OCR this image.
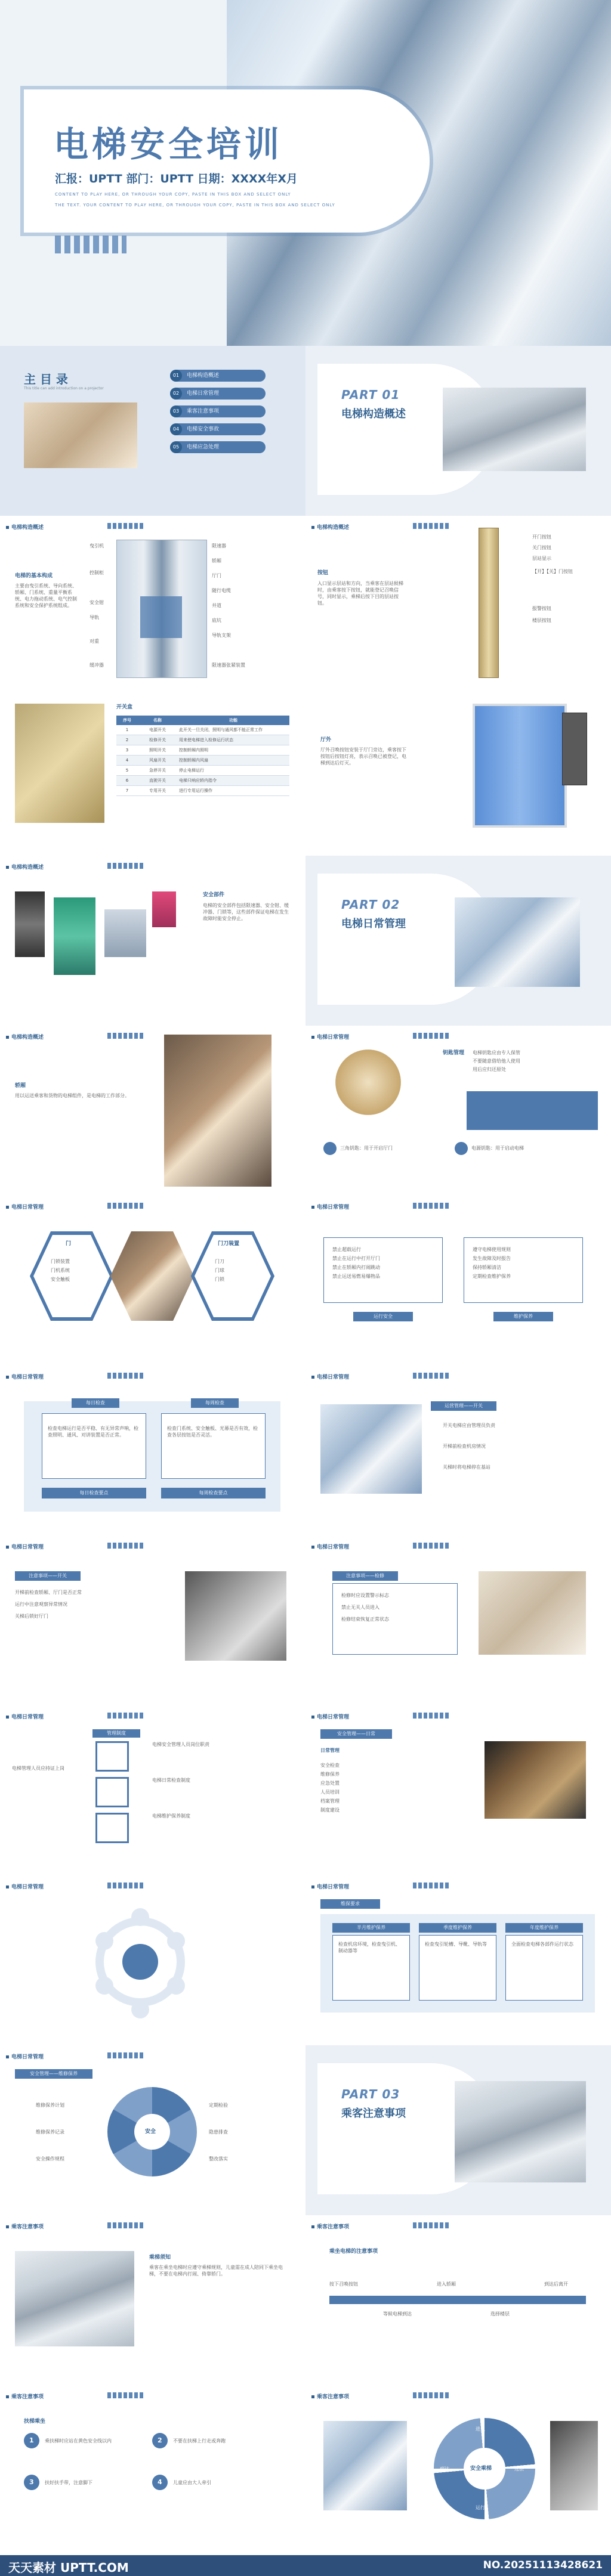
电梯安全培训
汇报：UPTT 部门：UPTT 日期：XXXX年X月
CONTENT TO PLAY HERE, OR THROUGH YOUR COPY, PASTE IN THIS BOX AND SELECT ONLY
THE TEXT. YOUR CONTENT TO PLAY HERE, OR THROUGH YOUR COPY, PASTE IN THIS BOX AND SELECT ONLY
主 目 录
This title can add introduction on a projector
01	电梯构造概述
02	电梯日常管理
03	乘客注意事项
04	电梯安全事故
05	电梯应急处理
PART 01
电梯构造概述
电梯构造概述
电梯的基本构成
主要由曳引系统、导向系统、轿厢、门系统、重量平衡系统、电力拖动系统、电气控制系统和安全保护系统组成。
曳引机
控制柜
安全钳
导轨
对重
缓冲器
限速器
轿厢
厅门
随行电缆
井道
底坑
导轨支架
限速器张紧装置
电梯构造概述
按钮
入口显示层站和方向，当乘客在层站候梯时，由乘客按下按钮，就能登记召唤信号，同时显示，乘梯后按下目的层站按钮。
开门按钮
关门按钮
层站显示
【开】【关】门按钮
报警按钮
楼层按钮
开关盒
序号	名称	功能
1	电源开关	此开关一旦关闭，照明与通风都不能正常工作
2	检修开关	用来使电梯进入检修运行状态
3	照明开关	控制轿厢内照明
4	风扇开关	控制轿厢内风扇
5	急停开关	停止电梯运行
6	直驶开关	电梯只响应轿内指令
7	专用开关	进行专用运行操作
厅外
厅外召唤按钮安装于厅门旁边，乘客按下按钮后按钮灯亮，表示召唤已被登记，电梯到达后灯灭。
电梯构造概述
安全部件
电梯的安全部件包括限速器、安全钳、缓冲器、门锁等，这些部件保证电梯在发生故障时能安全停止。
PART 02
电梯日常管理
电梯构造概述
轿厢
用以运送乘客和货物的电梯组件，是电梯的工作部分。
电梯日常管理
钥匙管理 电梯钥匙应由专人保管
不要随意借给他人使用
用后应归还原处
三角钥匙：用于开启厅门	电源钥匙：用于启动电梯
电梯日常管理
门
门锁装置
门机系统
安全触板
门刀装置
门刀
门球
门锁
电梯日常管理
禁止超载运行
禁止在运行中打开厅门
禁止在轿厢内打闹跳动
禁止运送易燃易爆物品
运行安全
遵守电梯使用规则
发生故障及时报告
保持轿厢清洁
定期检查维护保养
维护保养
电梯日常管理
每日检查
检查电梯运行是否平稳、有无异常声响，检查照明、通风、对讲装置是否正常。
每日检查要点
每周检查
检查门系统、安全触板、光幕是否有效，检查各层按钮是否灵活。
每周检查要点
电梯日常管理
运营管理——开关
开关电梯应由管理员负责
开梯前检查机房情况
关梯时将电梯停在基站
电梯日常管理
注意事项——开关
开梯前检查轿厢、厅门是否正常
运行中注意观察异常情况
关梯后锁好厅门
电梯日常管理
注意事项——检修
检修时应设置警示标志
禁止无关人员进入
检修结束恢复正常状态
电梯日常管理
管理制度
电梯安全管理人员岗位职责
电梯日常检查制度
电梯维护保养制度
电梯管理人员应持证上岗
电梯日常管理
安全管理——日常
日常管理
安全检查
维修保养
应急处置
人员培训
档案管理
制度建设
电梯日常管理	电梯日常管理
维保要求
半月维护保养
检查机房环境，检查曳引机、制动器等
季度维护保养
检查曳引轮槽、导靴、导轨等
年度维护保养
全面检查电梯各部件运行状态
电梯日常管理
安全管理——维修保养
安全
维修保养计划
维修保养记录
安全操作规程
定期检验
隐患排查
整改落实
PART 03
乘客注意事项
乘客注意事项
乘梯须知
乘客在乘坐电梯时应遵守乘梯规则，儿童需在成人陪同下乘坐电梯，不要在电梯内打闹、倚靠轿门。
乘客注意事项
乘坐电梯的注意事项
按下召唤按钮
等候电梯到达
进入轿厢
选择楼层
到达后离开
乘客注意事项
扶梯乘坐
1 乘扶梯时应站在黄色安全线以内	2 不要在扶梯上行走或奔跑
3 扶好扶手带，注意脚下	4 儿童应由大人牵引
乘客注意事项
安全乘梯
进入
选层
运行
到达
天天素材 UPTT.COM	NO.20251113428621
